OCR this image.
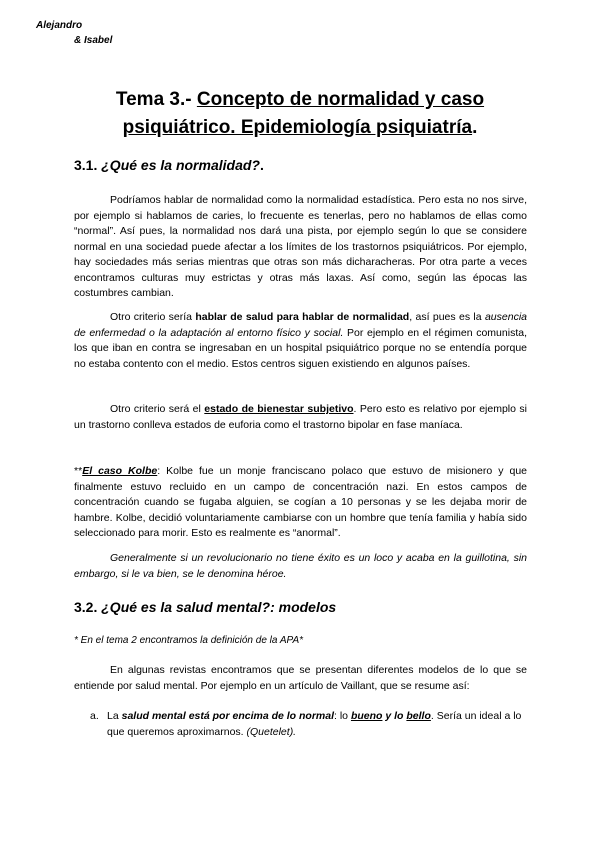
Alejandro
& Isabel
Tema 3.- Concepto de normalidad y caso
psiquiátrico. Epidemiología psiquiatría.
3.1. ¿Qué es la normalidad?.
Podríamos hablar de normalidad como la normalidad estadística. Pero esta no nos sirve, por ejemplo si hablamos de caries, lo frecuente es tenerlas, pero no hablamos de ellas como “normal”. Así pues, la normalidad nos dará una pista, por ejemplo según lo que se considere normal en una sociedad puede afectar a los límites de los trastornos psiquiátricos. Por ejemplo, hay sociedades más serias mientras que otras son más dicharacheras. Por otra parte a veces encontramos culturas muy estrictas y otras más laxas. Así como, según las épocas las costumbres cambian.
Otro criterio sería hablar de salud para hablar de normalidad, así pues es la ausencia de enfermedad o la adaptación al entorno físico y social. Por ejemplo en el régimen comunista, los que iban en contra se ingresaban en un hospital psiquiátrico porque no se entendía porque no estaba contento con el medio. Estos centros siguen existiendo en algunos países.
Otro criterio será el estado de bienestar subjetivo. Pero esto es relativo por ejemplo si un trastorno conlleva estados de euforia como el trastorno bipolar en fase maníaca.
**El caso Kolbe: Kolbe fue un monje franciscano polaco que estuvo de misionero y que finalmente estuvo recluido en un campo de concentración nazi. En estos campos de concentración cuando se fugaba alguien, se cogían a 10 personas y se les dejaba morir de hambre. Kolbe, decidió voluntariamente cambiarse con un hombre que tenía familia y había sido seleccionado para morir. Esto es realmente es “anormal”.
Generalmente si un revolucionario no tiene éxito es un loco y acaba en la guillotina, sin embargo, si le va bien, se le denomina héroe.
3.2. ¿Qué es la salud mental?: modelos
* En el tema 2 encontramos la definición de la APA*
En algunas revistas encontramos que se presentan diferentes modelos de lo que se entiende por salud mental. Por ejemplo en un artículo de Vaillant, que se resume así:
a. La salud mental está por encima de lo normal: lo bueno y lo bello. Sería un ideal a lo que queremos aproximarnos. (Quetelet).
